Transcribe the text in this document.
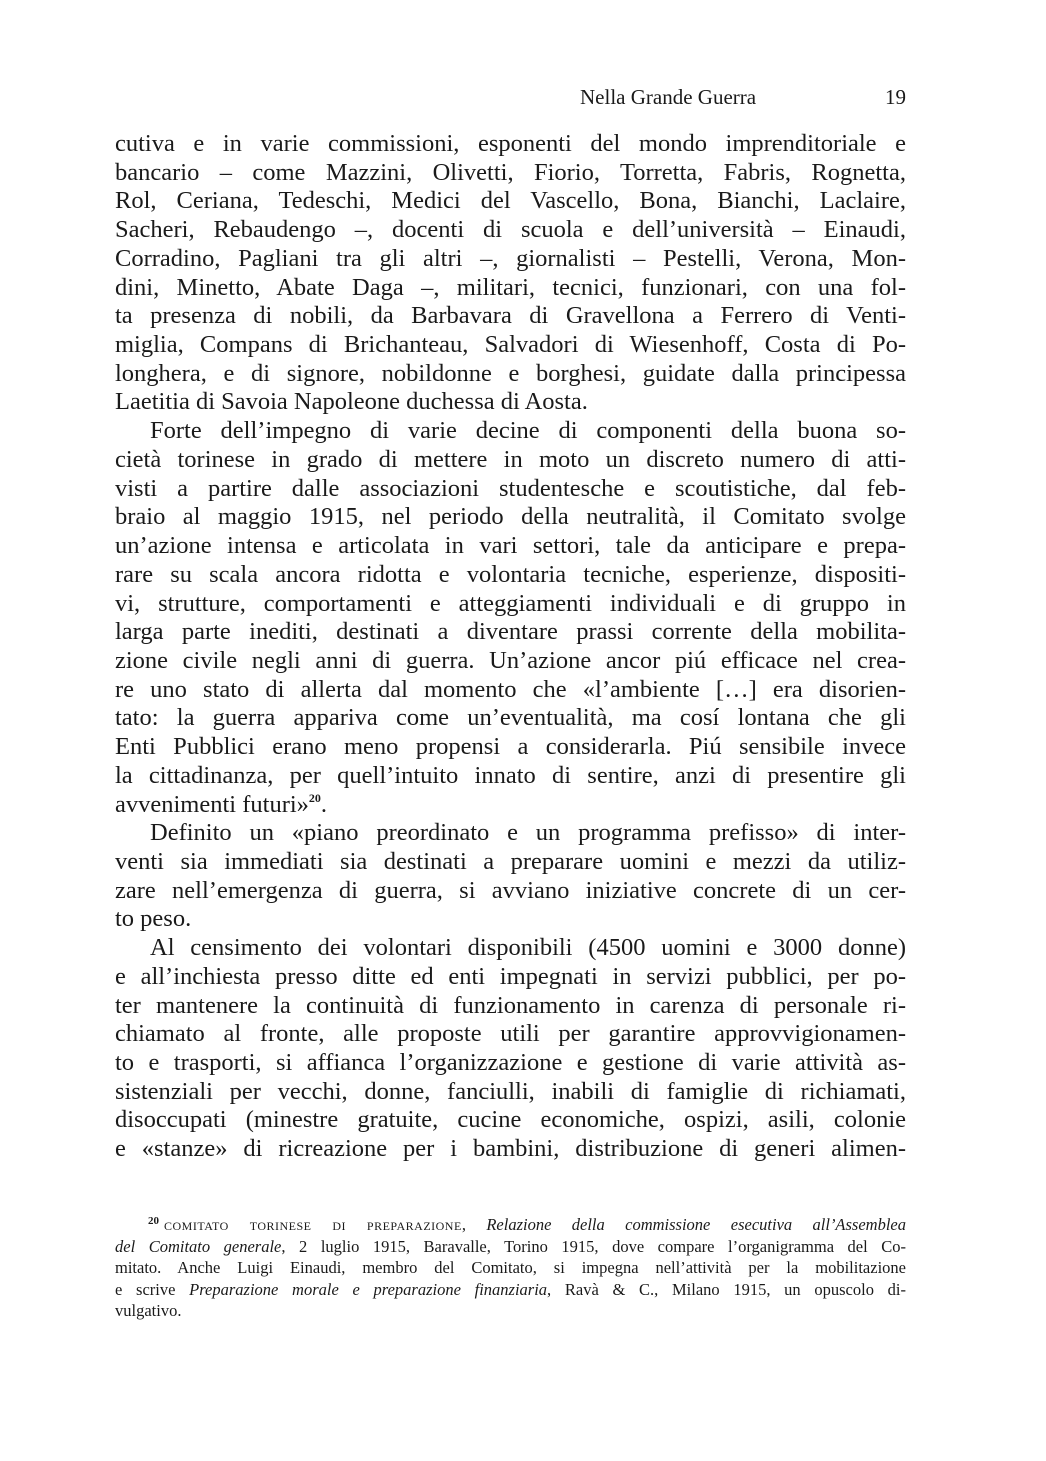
Nella Grande Guerra	19
cutiva e in varie commissioni, esponenti del mondo imprenditoriale e
bancario – come Mazzini, Olivetti, Fiorio, Torretta, Fabris, Rognetta,
Rol, Ceriana, Tedeschi, Medici del Vascello, Bona, Bianchi, Laclaire,
Sacheri, Rebaudengo –, docenti di scuola e dell’università – Einaudi,
Corradino, Pagliani tra gli altri –, giornalisti – Pestelli, Verona, Mon-
dini, Minetto, Abate Daga –, militari, tecnici, funzionari, con una fol-
ta presenza di nobili, da Barbavara di Gravellona a Ferrero di Venti-
miglia, Compans di Brichanteau, Salvadori di Wiesenhoff, Costa di Po-
longhera, e di signore, nobildonne e borghesi, guidate dalla principessa
Laetitia di Savoia Napoleone duchessa di Aosta.
Forte dell’impegno di varie decine di componenti della buona so-
cietà torinese in grado di mettere in moto un discreto numero di atti-
visti a partire dalle associazioni studentesche e scoutistiche, dal feb-
braio al maggio 1915, nel periodo della neutralità, il Comitato svolge
un’azione intensa e articolata in vari settori, tale da anticipare e prepa-
rare su scala ancora ridotta e volontaria tecniche, esperienze, dispositi-
vi, strutture, comportamenti e atteggiamenti individuali e di gruppo in
larga parte inediti, destinati a diventare prassi corrente della mobilita-
zione civile negli anni di guerra. Un’azione ancor piú efficace nel crea-
re uno stato di allerta dal momento che «l’ambiente […] era disorien-
tato: la guerra appariva come un’eventualità, ma cosí lontana che gli
Enti Pubblici erano meno propensi a considerarla. Piú sensibile invece
la cittadinanza, per quell’intuito innato di sentire, anzi di presentire gli
avvenimenti futuri»$^{20}$.
Definito un «piano preordinato e un programma prefisso» di inter-
venti sia immediati sia destinati a preparare uomini e mezzi da utiliz-
zare nell’emergenza di guerra, si avviano iniziative concrete di un cer-
to peso.
Al censimento dei volontari disponibili (4500 uomini e 3000 donne)
e all’inchiesta presso ditte ed enti impegnati in servizi pubblici, per po-
ter mantenere la continuità di funzionamento in carenza di personale ri-
chiamato al fronte, alle proposte utili per garantire approvvigionamen-
to e trasporti, si affianca l’organizzazione e gestione di varie attività as-
sistenziali per vecchi, donne, fanciulli, inabili di famiglie di richiamati,
disoccupati (minestre gratuite, cucine economiche, ospizi, asili, colonie
e «stanze» di ricreazione per i bambini, distribuzione di generi alimen-
$^{20}$ comitato torinese di preparazione, Relazione della commissione esecutiva all’Assemblea
del Comitato generale, 2 luglio 1915, Baravalle, Torino 1915, dove compare l’organigramma del Co-
mitato. Anche Luigi Einaudi, membro del Comitato, si impegna nell’attività per la mobilitazione
e scrive Preparazione morale e preparazione finanziaria, Ravà & C., Milano 1915, un opuscolo di-
vulgativo.
